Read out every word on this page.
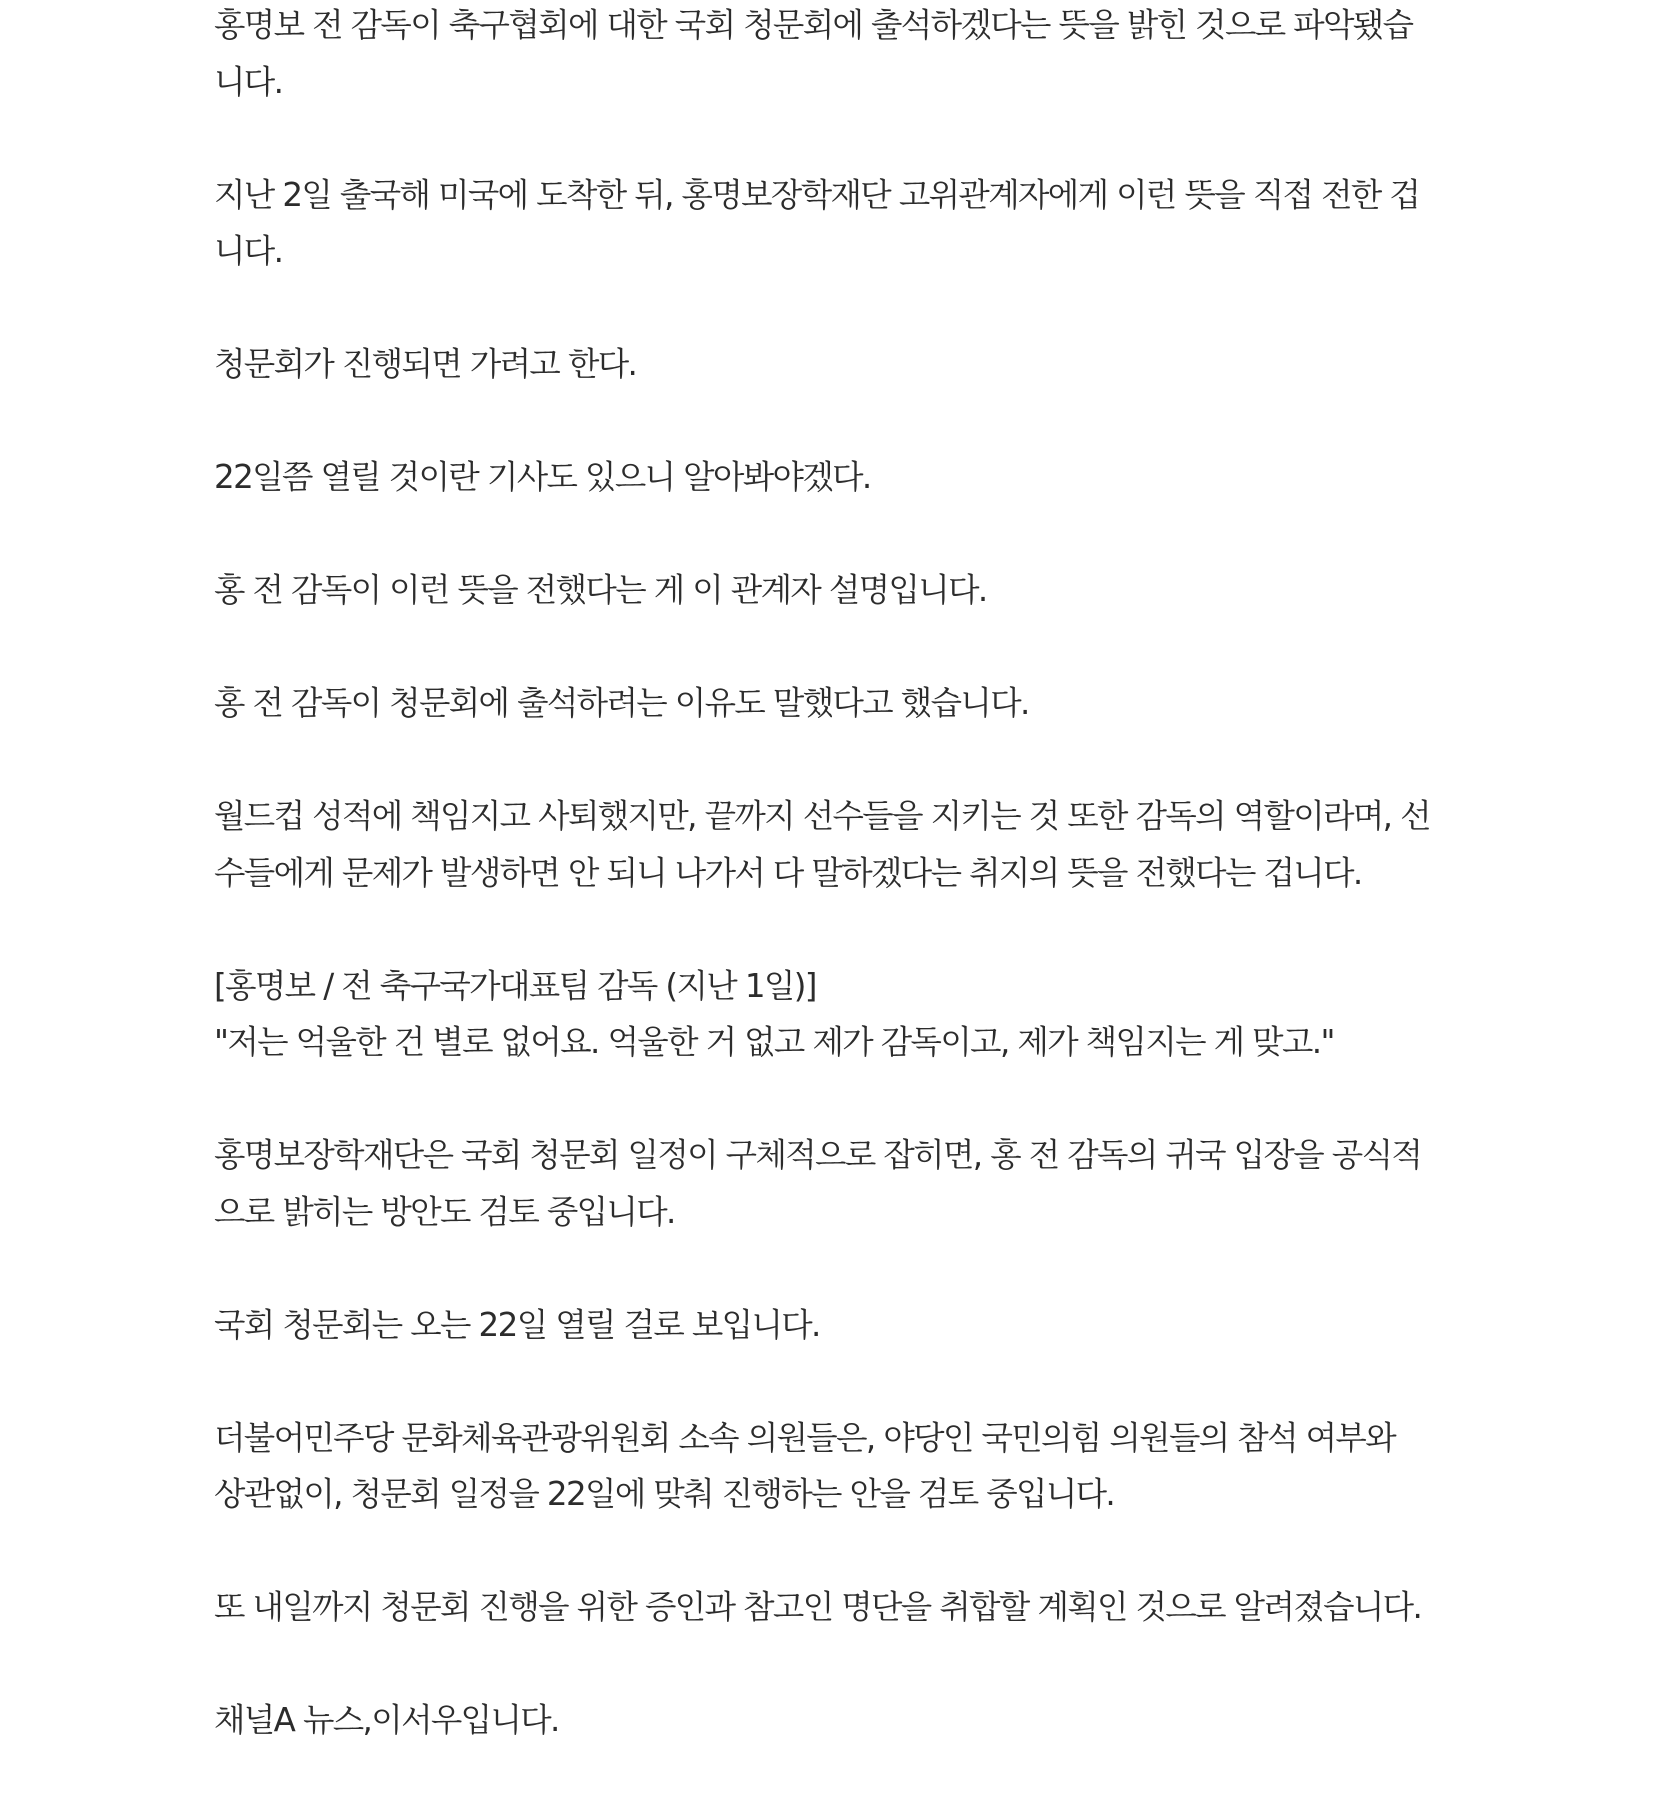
홍명보 전 감독이 축구협회에 대한 국회 청문회에 출석하겠다는 뜻을 밝힌 것으로 파악됐습
니다.

지난 2일 출국해 미국에 도착한 뒤, 홍명보장학재단 고위관계자에게 이런 뜻을 직접 전한 겁
니다.

청문회가 진행되면 가려고 한다.

22일쯤 열릴 것이란 기사도 있으니 알아봐야겠다.

홍 전 감독이 이런 뜻을 전했다는 게 이 관계자 설명입니다.

홍 전 감독이 청문회에 출석하려는 이유도 말했다고 했습니다.

월드컵 성적에 책임지고 사퇴했지만, 끝까지 선수들을 지키는 것 또한 감독의 역할이라며, 선
수들에게 문제가 발생하면 안 되니 나가서 다 말하겠다는 취지의 뜻을 전했다는 겁니다.

[홍명보 / 전 축구국가대표팀 감독 (지난 1일)]
"저는 억울한 건 별로 없어요. 억울한 거 없고 제가 감독이고, 제가 책임지는 게 맞고."

홍명보장학재단은 국회 청문회 일정이 구체적으로 잡히면, 홍 전 감독의 귀국 입장을 공식적
으로 밝히는 방안도 검토 중입니다.

국회 청문회는 오는 22일 열릴 걸로 보입니다.

더불어민주당 문화체육관광위원회 소속 의원들은, 야당인 국민의힘 의원들의 참석 여부와
상관없이, 청문회 일정을 22일에 맞춰 진행하는 안을 검토 중입니다.

또 내일까지 청문회 진행을 위한 증인과 참고인 명단을 취합할 계획인 것으로 알려졌습니다.

채널A 뉴스,이서우입니다.
